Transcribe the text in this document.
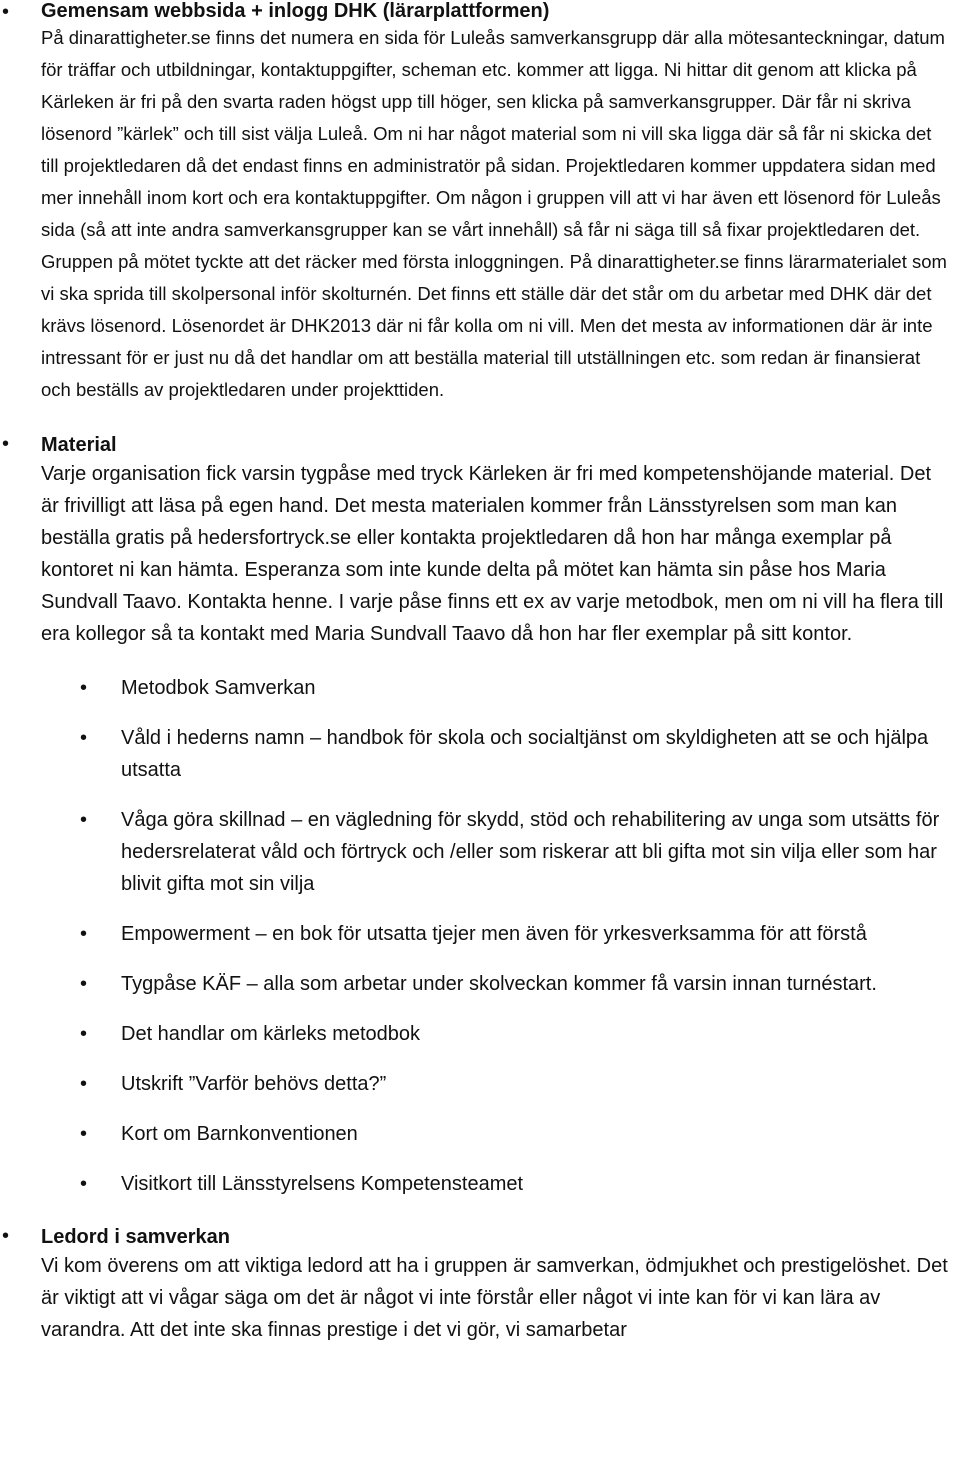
• Gemensam webbsida + inlogg DHK (lärarplattformen)

På dinarattigheter.se finns det numera en sida för Luleås samverkansgrupp där alla mötesanteckningar, datum för träffar och utbildningar, kontaktuppgifter, scheman etc. kommer att ligga. Ni hittar dit genom att klicka på Kärleken är fri på den svarta raden högst upp till höger, sen klicka på samverkansgrupper. Där får ni skriva lösenord ”kärlek” och till sist välja Luleå. Om ni har något material som ni vill ska ligga där så får ni skicka det till projektledaren då det endast finns en administratör på sidan. Projektledaren kommer uppdatera sidan med mer innehåll inom kort och era kontaktuppgifter. Om någon i gruppen vill att vi har även ett lösenord för Luleås sida (så att inte andra samverkansgrupper kan se vårt innehåll) så får ni säga till så fixar projektledaren det. Gruppen på mötet tyckte att det räcker med första inloggningen. På dinarattigheter.se finns lärarmaterialet som vi ska sprida till skolpersonal inför skolturnén. Det finns ett ställe där det står om du arbetar med DHK där det krävs lösenord. Lösenordet är DHK2013 där ni får kolla om ni vill. Men det mesta av informationen där är inte intressant för er just nu då det handlar om att beställa material till utställningen etc. som redan är finansierat och beställs av projektledaren under projekttiden.

• Material

Varje organisation fick varsin tygpåse med tryck Kärleken är fri med kompetenshöjande material. Det är frivilligt att läsa på egen hand. Det mesta materialen kommer från Länsstyrelsen som man kan beställa gratis på hedersfortryck.se eller kontakta projektledaren då hon har många exemplar på kontoret ni kan hämta. Esperanza som inte kunde delta på mötet kan hämta sin påse hos Maria Sundvall Taavo. Kontakta henne. I varje påse finns ett ex av varje metodbok, men om ni vill ha flera till era kollegor så ta kontakt med Maria Sundvall Taavo då hon har fler exemplar på sitt kontor.

• Metodbok Samverkan
• Våld i hederns namn – handbok för skola och socialtjänst om skyldigheten att se och hjälpa utsatta
• Våga göra skillnad – en vägledning för skydd, stöd och rehabilitering av unga som utsätts för hedersrelaterat våld och förtryck och /eller som riskerar att bli gifta mot sin vilja eller som har blivit gifta mot sin vilja
• Empowerment – en bok för utsatta tjejer men även för yrkesverksamma för att förstå
• Tygpåse KÄF – alla som arbetar under skolveckan kommer få varsin innan turnéstart.
• Det handlar om kärleks metodbok
• Utskrift ”Varför behövs detta?”
• Kort om Barnkonventionen
• Visitkort till Länsstyrelsens Kompetensteamet
• Ledord i samverkan

Vi kom överens om att viktiga ledord att ha i gruppen är samverkan, ödmjukhet och prestigelöshet. Det är viktigt att vi vågar säga om det är något vi inte förstår eller något vi inte kan för vi kan lära av varandra. Att det inte ska finnas prestige i det vi gör, vi samarbetar
